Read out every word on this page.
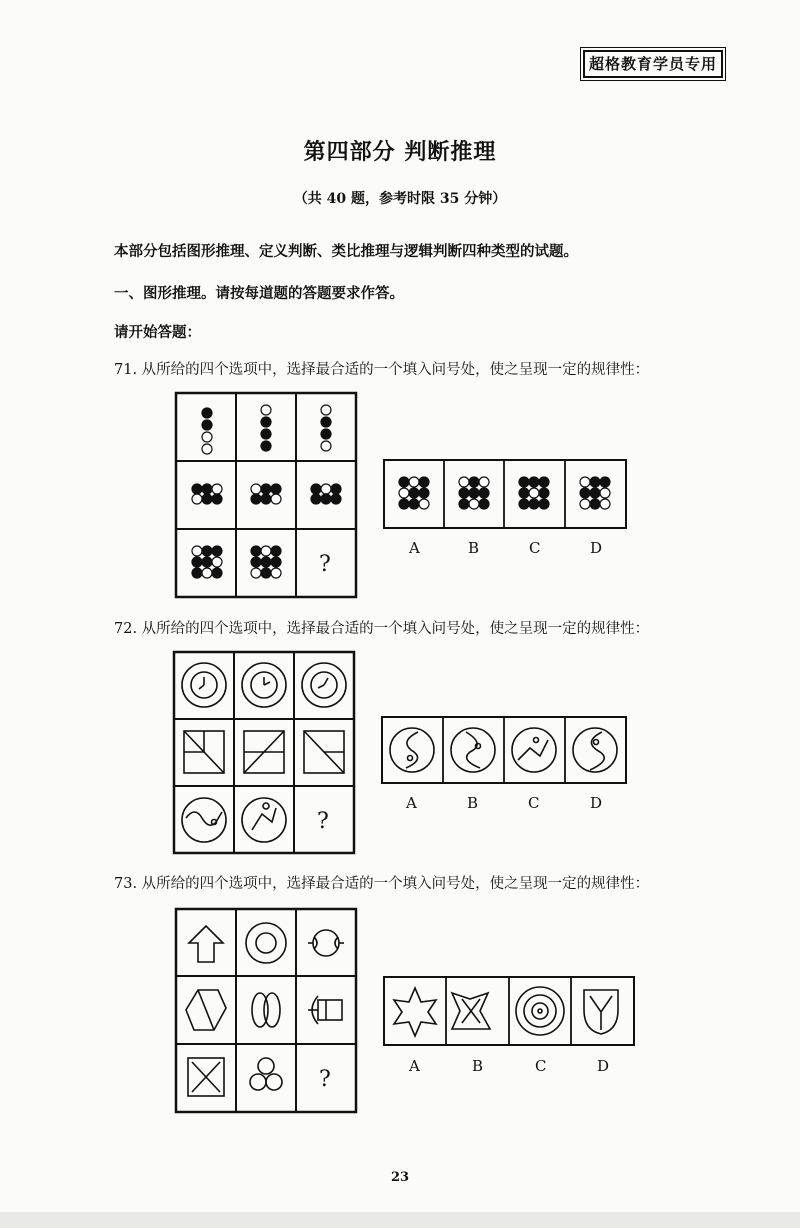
超格教育学员专用
第四部分 判断推理
（共 40 题，参考时限 35 分钟）
本部分包括图形推理、定义判断、类比推理与逻辑判断四种类型的试题。
一、图形推理。请按每道题的答题要求作答。
请开始答题：
71. 从所给的四个选项中，选择最合适的一个填入问号处，使之呈现一定的规律性：
72. 从所给的四个选项中，选择最合适的一个填入问号处，使之呈现一定的规律性：
73. 从所给的四个选项中，选择最合适的一个填入问号处，使之呈现一定的规律性：
?
A	B	C	D
?
A	B	C	D
?
A	B	C	D
23
